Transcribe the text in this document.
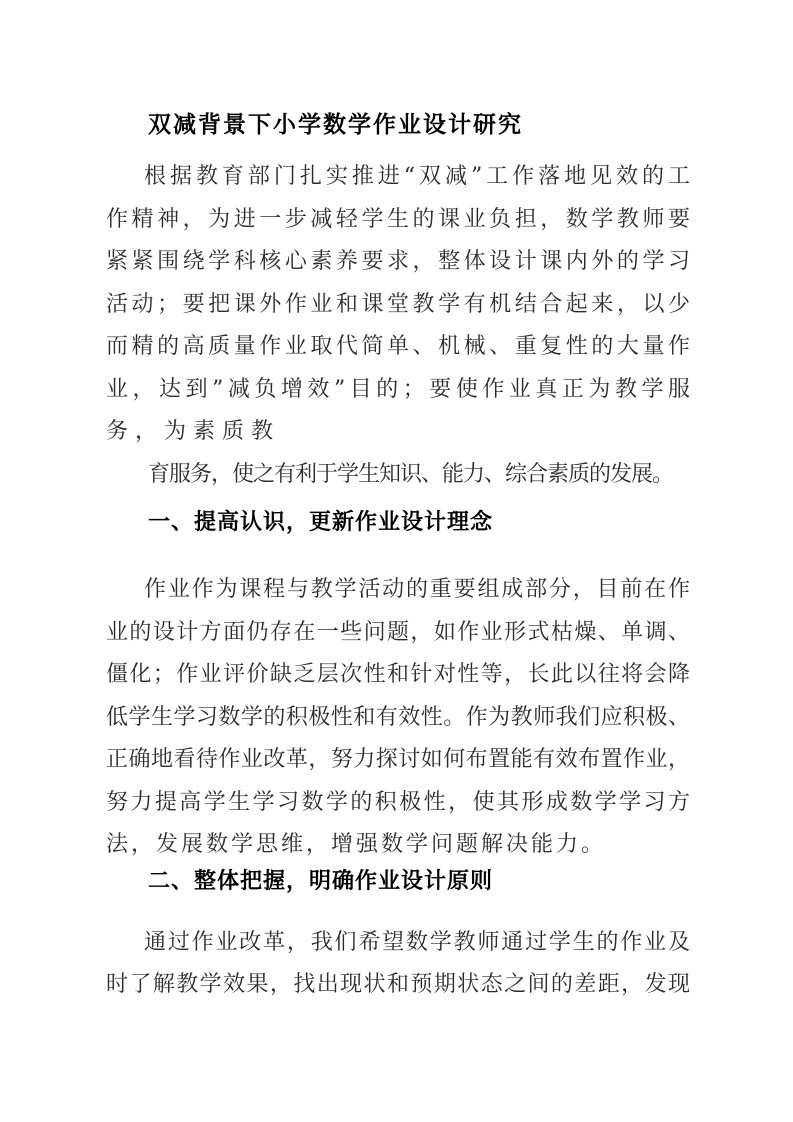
双减背景下小学数学作业设计研究
根据教育部门扎实推进“双减”工作落地见效的工
作精神，为进一步减轻学生的课业负担，数学教师要
紧紧围绕学科核心素养要求，整体设计课内外的学习
活动；要把课外作业和课堂教学有机结合起来，以少
而精的高质量作业取代简单、机械、重复性的大量作
业，达到”减负增效”目的；要使作业真正为教学服
务，为素质教
育服务，使之有利于学生知识、能力、综合素质的发展。
一、提高认识，更新作业设计理念
作业作为课程与教学活动的重要组成部分，目前在作
业的设计方面仍存在一些问题，如作业形式枯燥、单调、
僵化；作业评价缺乏层次性和针对性等，长此以往将会降
低学生学习数学的积极性和有效性。作为教师我们应积极、
正确地看待作业改革，努力探讨如何布置能有效布置作业，
努力提高学生学习数学的积极性，使其形成数学学习方
法，发展数学思维，增强数学问题解决能力。
二、整体把握，明确作业设计原则
通过作业改革，我们希望数学教师通过学生的作业及
时了解教学效果，找出现状和预期状态之间的差距，发现
